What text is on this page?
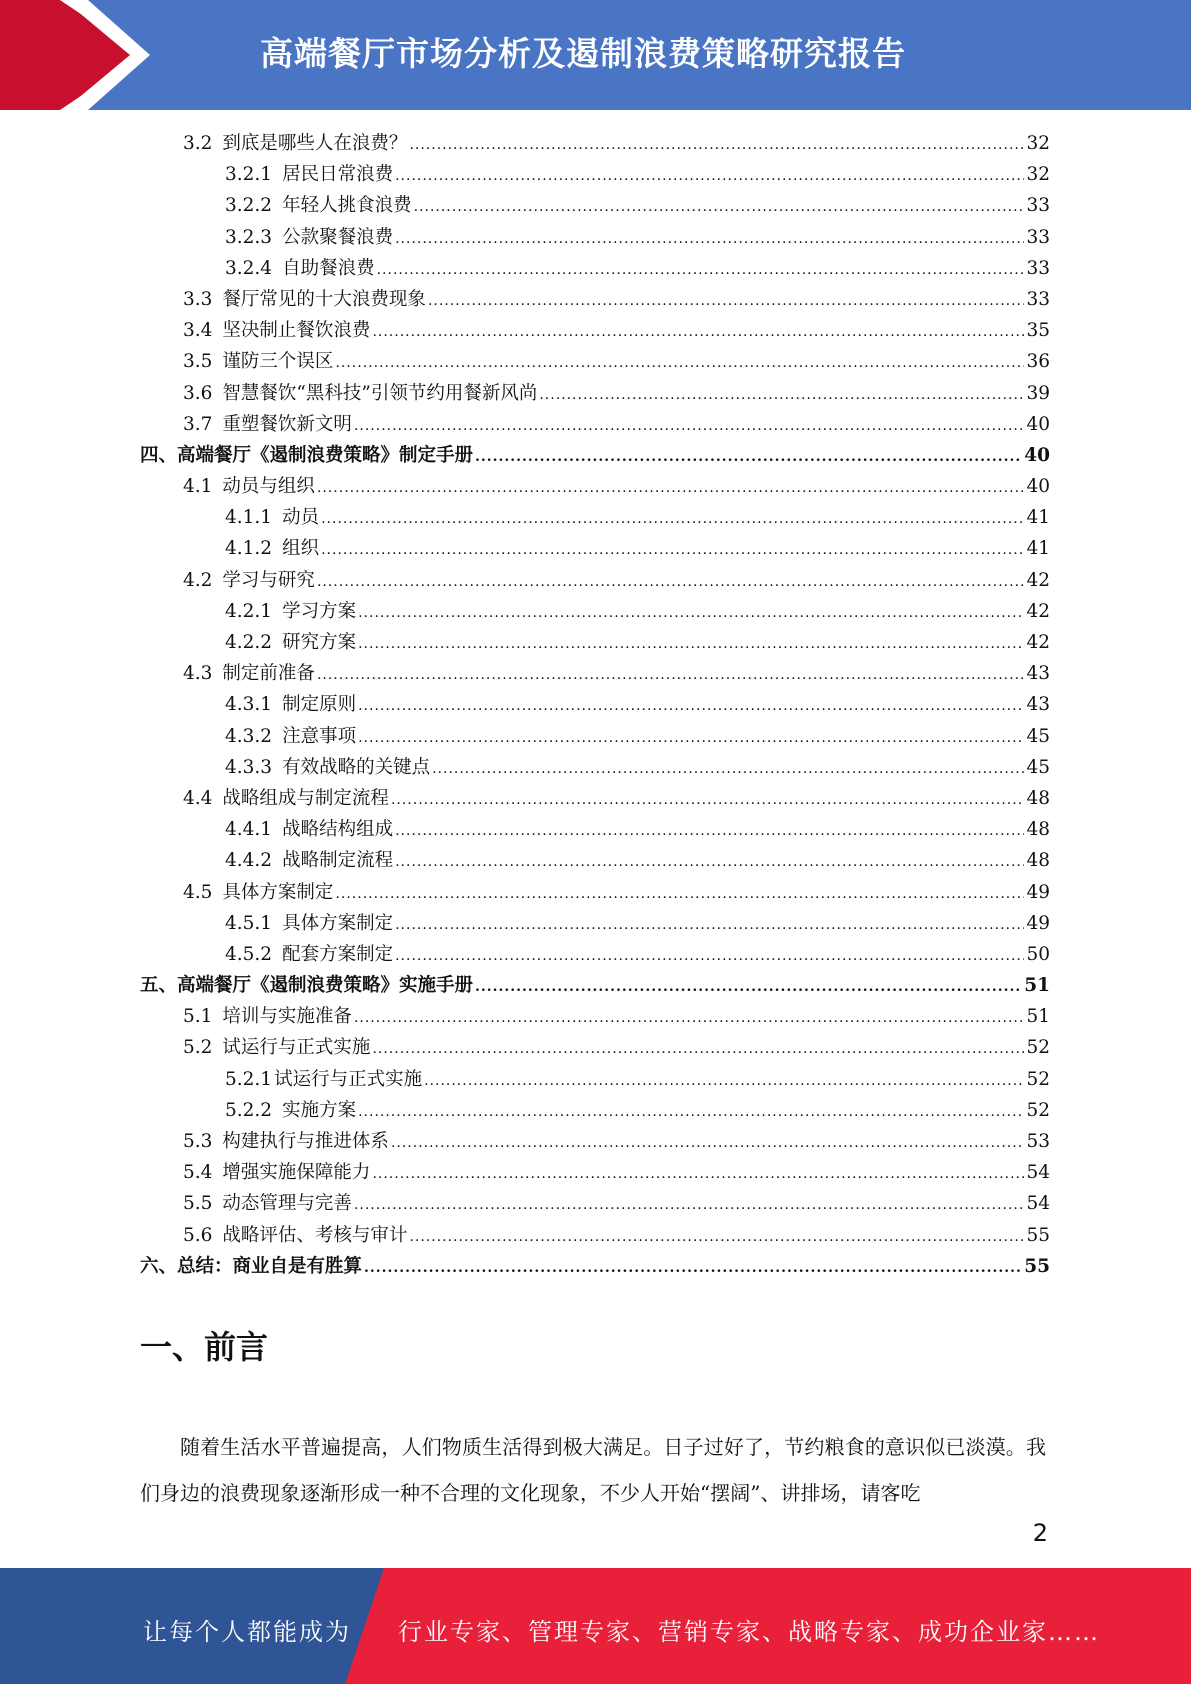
高端餐厅市场分析及遏制浪费策略研究报告
3.2 到底是哪些人在浪费？ .....	32
3.2.1 居民日常浪费 .....	32
3.2.2 年轻人挑食浪费 .....	33
3.2.3 公款聚餐浪费 .....	33
3.2.4 自助餐浪费 .....	33
3.3 餐厅常见的十大浪费现象 .....	33
3.4 坚决制止餐饮浪费 .....	35
3.5 谨防三个误区 .....	36
3.6 智慧餐饮“黑科技”引领节约用餐新风尚 .....	39
3.7 重塑餐饮新文明 .....	40
四、高端餐厅《遏制浪费策略》制定手册 .....	40
4.1 动员与组织 .....	40
4.1.1 动员 .....	41
4.1.2 组织 .....	41
4.2 学习与研究 .....	42
4.2.1 学习方案 .....	42
4.2.2 研究方案 .....	42
4.3 制定前准备 .....	43
4.3.1 制定原则 .....	43
4.3.2 注意事项 .....	45
4.3.3 有效战略的关键点 .....	45
4.4 战略组成与制定流程 .....	48
4.4.1 战略结构组成 .....	48
4.4.2 战略制定流程 .....	48
4.5 具体方案制定 .....	49
4.5.1 具体方案制定 .....	49
4.5.2 配套方案制定 .....	50
五、高端餐厅《遏制浪费策略》实施手册 .....	51
5.1 培训与实施准备 .....	51
5.2 试运行与正式实施 .....	52
5.2.1 试运行与正式实施 .....	52
5.2.2 实施方案 .....	52
5.3 构建执行与推进体系 .....	53
5.4 增强实施保障能力 .....	54
5.5 动态管理与完善 .....	54
5.6 战略评估、考核与审计 .....	55
六、总结：商业自是有胜算 .....	55
一、前言
随着生活水平普遍提高，人们物质生活得到极大满足。日子过好了，节约粮食的意识似已淡漠。我们身边的浪费现象逐渐形成一种不合理的文化现象，不少人开始“摆阔”、讲排场，请客吃
2
让每个人都能成为 行业专家、管理专家、营销专家、战略专家、成功企业家……
